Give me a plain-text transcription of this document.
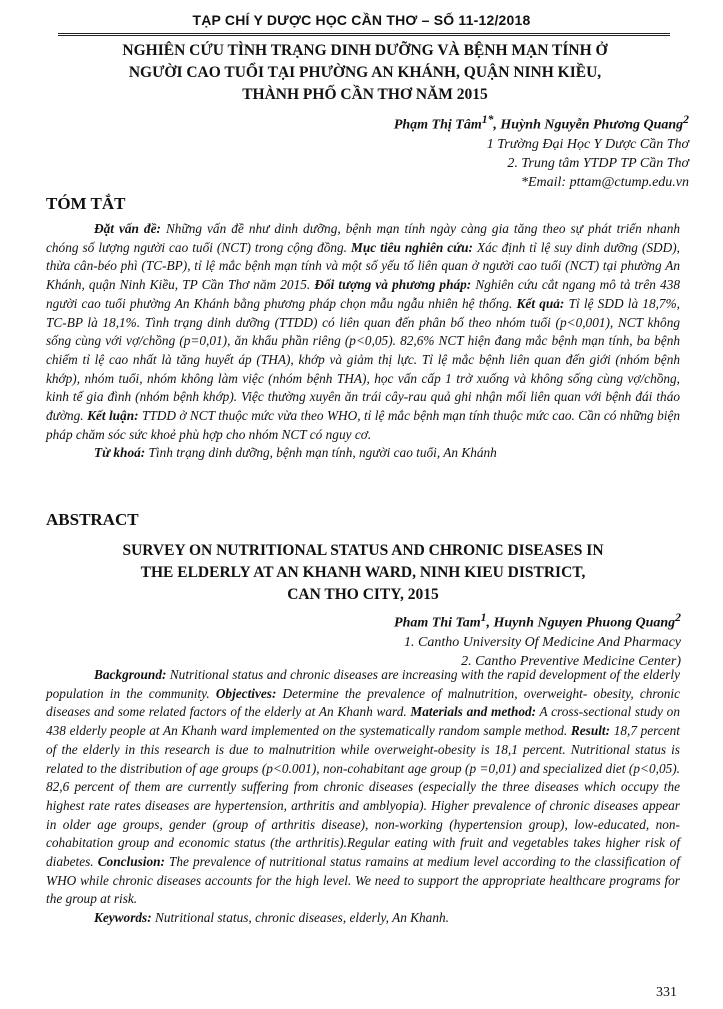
TẠP CHÍ Y DƯỢC HỌC CẦN THƠ – SỐ 11-12/2018
NGHIÊN CỨU TÌNH TRẠNG DINH DƯỠNG VÀ BỆNH MẠN TÍNH Ở
NGƯỜI CAO TUỔI TẠI PHƯỜNG AN KHÁNH, QUẬN NINH KIỀU,
THÀNH PHỐ CẦN THƠ NĂM 2015
Phạm Thị Tâm$^{1*}$, Huỳnh Nguyễn Phương Quang$^2$
1 Trường Đại Học Y Dược Cần Thơ
2. Trung tâm YTDP TP Cần Thơ
*Email: pttam@ctump.edu.vn
TÓM TẮT

Đặt vấn đề: Những vấn đề như dinh dưỡng, bệnh mạn tính ngày càng gia tăng theo sự phát triển nhanh chóng số lượng người cao tuổi (NCT) trong cộng đồng. Mục tiêu nghiên cứu: Xác định tỉ lệ suy dinh dưỡng (SDD), thừa cân-béo phì (TC-BP), tỉ lệ mắc bệnh mạn tính và một số yếu tố liên quan ở người cao tuổi (NCT) tại phường An Khánh, quận Ninh Kiều, TP Cần Thơ năm 2015. Đối tượng và phương pháp: Nghiên cứu cắt ngang mô tả trên 438 người cao tuổi phường An Khánh bằng phương pháp chọn mẫu ngẫu nhiên hệ thống. Kết quả: Tỉ lệ SDD là 18,7%, TC-BP là 18,1%. Tình trạng dinh dưỡng (TTDD) có liên quan đến phân bố theo nhóm tuổi (p<0,001), NCT không sống cùng với vợ/chồng (p=0,01), ăn khẩu phần riêng (p<0,05). 82,6% NCT hiện đang mắc bệnh mạn tính, ba bệnh chiếm tỉ lệ cao nhất là tăng huyết áp (THA), khớp và giảm thị lực. Tỉ lệ mắc bệnh liên quan đến giới (nhóm bệnh khớp), nhóm tuổi, nhóm không làm việc (nhóm bệnh THA), học vấn cấp 1 trở xuống và không sống cùng vợ/chồng, kinh tế gia đình (nhóm bệnh khớp). Việc thường xuyên ăn trái cây-rau quả ghi nhận mối liên quan với bệnh đái tháo đường. Kết luận: TTDD ở NCT thuộc mức vừa theo WHO, tỉ lệ mắc bệnh mạn tính thuộc mức cao. Cần có những biện pháp chăm sóc sức khoẻ phù hợp cho nhóm NCT có nguy cơ.

Từ khoá: Tình trạng dinh dưỡng, bệnh mạn tính, người cao tuổi, An Khánh

ABSTRACT
SURVEY ON NUTRITIONAL STATUS AND CHRONIC DISEASES IN
THE ELDERLY AT AN KHANH WARD, NINH KIEU DISTRICT,
CAN THO CITY, 2015
Pham Thi Tam$^1$, Huynh Nguyen Phuong Quang$^2$
1. Cantho University Of Medicine And Pharmacy
2. Cantho Preventive Medicine Center)

Background: Nutritional status and chronic diseases are increasing with the rapid development of the elderly population in the community. Objectives: Determine the prevalence of malnutrition, overweight- obesity, chronic diseases and some related factors of the elderly at An Khanh ward. Materials and method: A cross-sectional study on 438 elderly people at An Khanh ward implemented on the systematically random sample method. Result: 18,7 percent of the elderly in this research is due to malnutrition while overweight-obesity is 18,1 percent. Nutritional status is related to the distribution of age groups (p<0.001), non-cohabitant age group (p =0,01) and specialized diet (p<0,05). 82,6 percent of them are currently suffering from chronic diseases (especially the three diseases which occupy the highest rate rates diseases are hypertension, arthritis and amblyopia). Higher prevalence of chronic diseases appear in older age groups, gender (group of arthritis disease), non-working (hypertension group), low-educated, non-cohabitation group and economic status (the arthritis).Regular eating with fruit and vegetables takes higher risk of diabetes. Conclusion: The prevalence of nutritional status ramains at medium level according to the classification of WHO while chronic diseases accounts for the high level. We need to support the appropriate healthcare programs for the group at risk.

Keywords: Nutritional status, chronic diseases, elderly, An Khanh.

331
